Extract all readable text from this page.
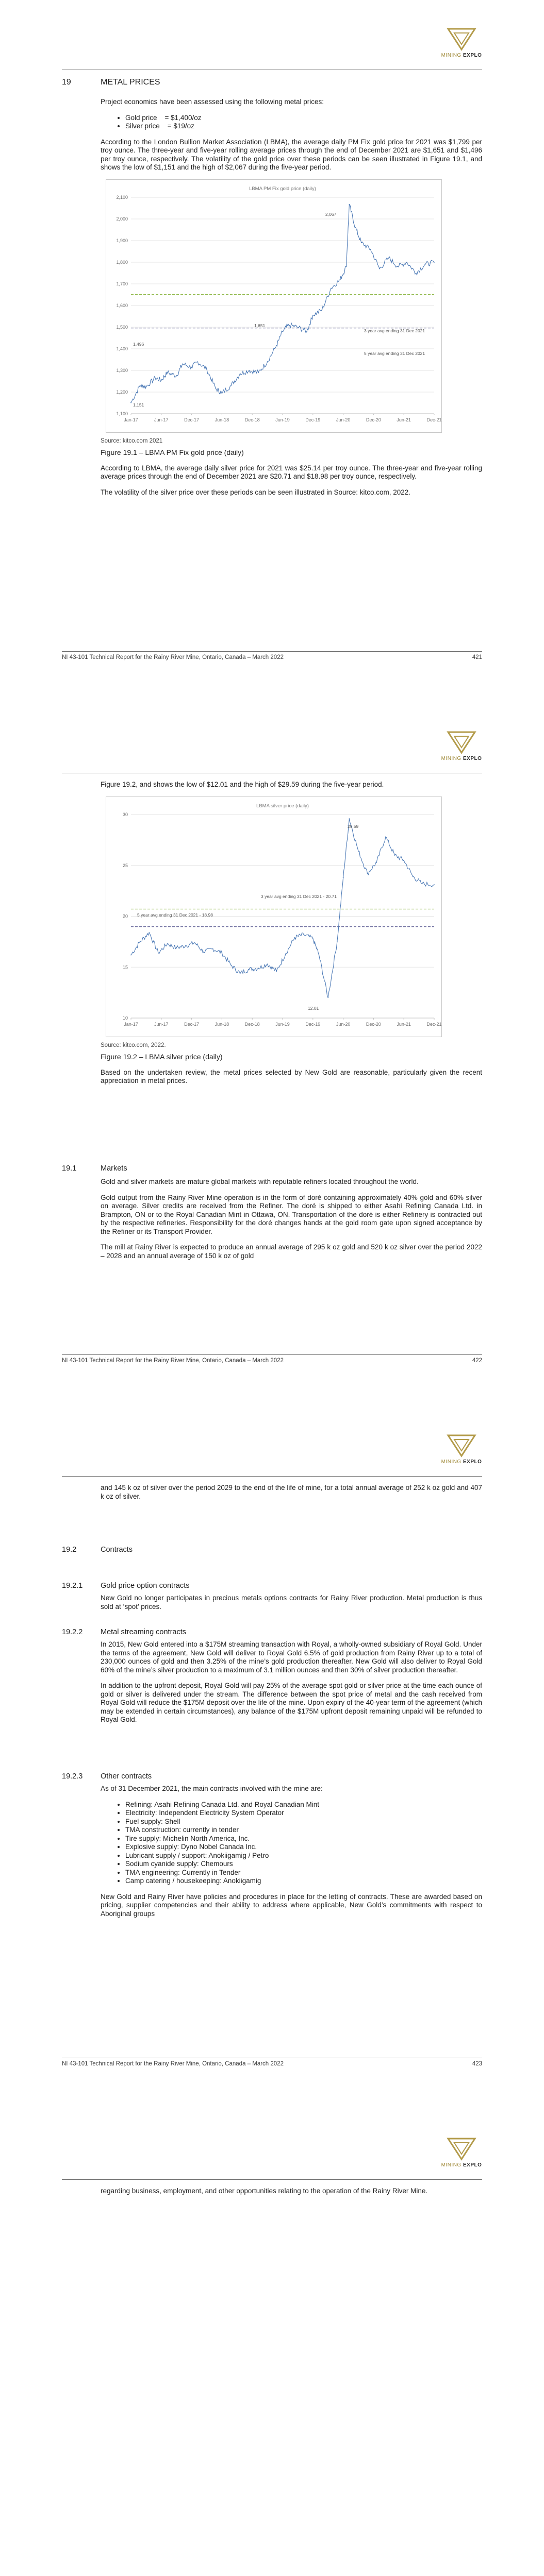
MINING EXPLO
19	METAL PRICES

Project economics have been assessed using the following metal prices:

• Gold price    = $1,400/oz
• Silver price    = $19/oz

According to the London Bullion Market Association (LBMA), the average daily PM Fix gold price for 2021 was $1,799 per troy ounce. The three-year and five-year rolling average prices through the end of December 2021 are $1,651 and $1,496 per troy ounce, respectively. The volatility of the gold price over these periods can be seen illustrated in Figure 19.1, and shows the low of $1,151 and the high of $2,067 during the five-year period.

LBMA PM Fix gold price (daily)
1,100
1,200
1,300
1,400
1,500
1,600
1,700
1,800
1,900
2,000
2,100
Jan-17	Jun-17	Dec-17	Jun-18	Dec-18	Jun-19	Dec-19	Jun-20	Dec-20	Jun-21	Dec-21
1,151
1,496
1,651
2,067
3 year avg ending 31 Dec 2021
5 year avg ending 31 Dec 2021
Source: kitco.com 2021
Figure 19.1 – LBMA PM Fix gold price (daily)

According to LBMA, the average daily silver price for 2021 was $25.14 per troy ounce. The three-year and five-year rolling average prices through the end of December 2021 are $20.71 and $18.98 per troy ounce, respectively.

The volatility of the silver price over these periods can be seen illustrated in Source: kitco.com, 2022.

NI 43-101 Technical Report for the Rainy River Mine, Ontario, Canada – March 2022	421
MINING EXPLO

Figure 19.2, and shows the low of $12.01 and the high of $29.59 during the five-year period.

LBMA silver price (daily)
10
15
20
25
30
Jan-17	Jun-17	Dec-17	Jun-18	Dec-18	Jun-19	Dec-19	Jun-20	Dec-20	Jun-21	Dec-21
12.01
29.59
3 year avg ending 31 Dec 2021 - 20.71
5 year avg ending 31 Dec 2021 - 18.98
Source: kitco.com, 2022.
Figure 19.2 – LBMA silver price (daily)

Based on the undertaken review, the metal prices selected by New Gold are reasonable, particularly given the recent appreciation in metal prices.

19.1	Markets

Gold and silver markets are mature global markets with reputable refiners located throughout the world.

Gold output from the Rainy River Mine operation is in the form of doré containing approximately 40% gold and 60% silver on average. Silver credits are received from the Refiner. The doré is shipped to either Asahi Refining Canada Ltd. in Brampton, ON or to the Royal Canadian Mint in Ottawa, ON. Transportation of the doré is either Refinery is contracted out by the respective refineries. Responsibility for the doré changes hands at the gold room gate upon signed acceptance by the Refiner or its Transport Provider.

The mill at Rainy River is expected to produce an annual average of 295 k oz gold and 520 k oz silver over the period 2022 – 2028 and an annual average of 150 k oz of gold

NI 43-101 Technical Report for the Rainy River Mine, Ontario, Canada – March 2022	422
MINING EXPLO

and 145 k oz of silver over the period 2029 to the end of the life of mine, for a total annual average of 252 k oz gold and 407 k oz of silver.

19.2	Contracts
19.2.1 Gold price option contracts

New Gold no longer participates in precious metals options contracts for Rainy River production. Metal production is thus sold at ‘spot’ prices.

19.2.2 Metal streaming contracts

In 2015, New Gold entered into a $175M streaming transaction with Royal, a wholly-owned subsidiary of Royal Gold. Under the terms of the agreement, New Gold will deliver to Royal Gold 6.5% of gold production from Rainy River up to a total of 230,000 ounces of gold and then 3.25% of the mine’s gold production thereafter. New Gold will also deliver to Royal Gold 60% of the mine’s silver production to a maximum of 3.1 million ounces and then 30% of silver production thereafter.

In addition to the upfront deposit, Royal Gold will pay 25% of the average spot gold or silver price at the time each ounce of gold or silver is delivered under the stream. The difference between the spot price of metal and the cash received from Royal Gold will reduce the $175M deposit over the life of the mine. Upon expiry of the 40-year term of the agreement (which may be extended in certain circumstances), any balance of the $175M upfront deposit remaining unpaid will be refunded to Royal Gold.

19.2.3 Other contracts

As of 31 December 2021, the main contracts involved with the mine are:

• Refining: Asahi Refining Canada Ltd. and Royal Canadian Mint
• Electricity: Independent Electricity System Operator
• Fuel supply: Shell
• TMA construction: currently in tender
• Tire supply: Michelin North America, Inc.
• Explosive supply: Dyno Nobel Canada Inc.
• Lubricant supply / support: Anokiigamig / Petro
• Sodium cyanide supply: Chemours
• TMA engineering: Currently in Tender
• Camp catering / housekeeping: Anokiigamig

New Gold and Rainy River have policies and procedures in place for the letting of contracts. These are awarded based on pricing, supplier competencies and their ability to address where applicable, New Gold’s commitments with respect to Aboriginal groups

NI 43-101 Technical Report for the Rainy River Mine, Ontario, Canada – March 2022	423
MINING EXPLO

regarding business, employment, and other opportunities relating to the operation of the Rainy River Mine.
